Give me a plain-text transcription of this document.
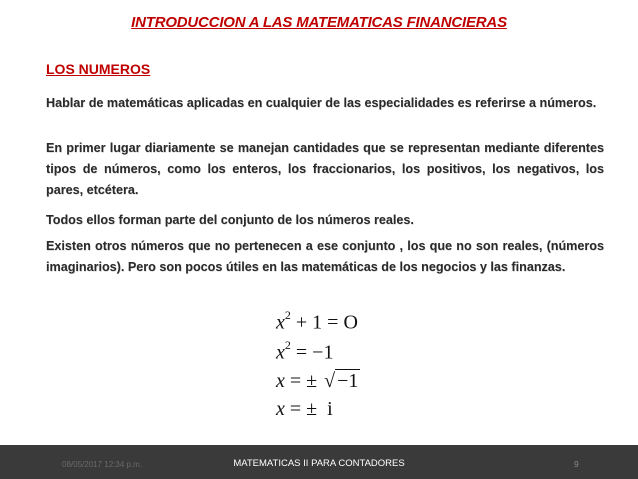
INTRODUCCION A LAS MATEMATICAS FINANCIERAS
LOS NUMEROS
Hablar de matemáticas aplicadas en cualquier de las especialidades es referirse a números.
En primer lugar diariamente se manejan cantidades que se representan mediante diferentes tipos de números, como los enteros, los fraccionarios, los positivos, los negativos, los pares, etcétera.
Todos ellos forman parte del conjunto de los números reales.
Existen otros números que no pertenecen a ese conjunto , los que no son reales, (números imaginarios). Pero son pocos útiles en las matemáticas de los negocios y las finanzas.
$x^2 + 1 = O$
$x^2 = -1$
x = ± √ −1
x = ±  i
08/05/2017 12:34 p.m.	MATEMATICAS II PARA CONTADORES	9
